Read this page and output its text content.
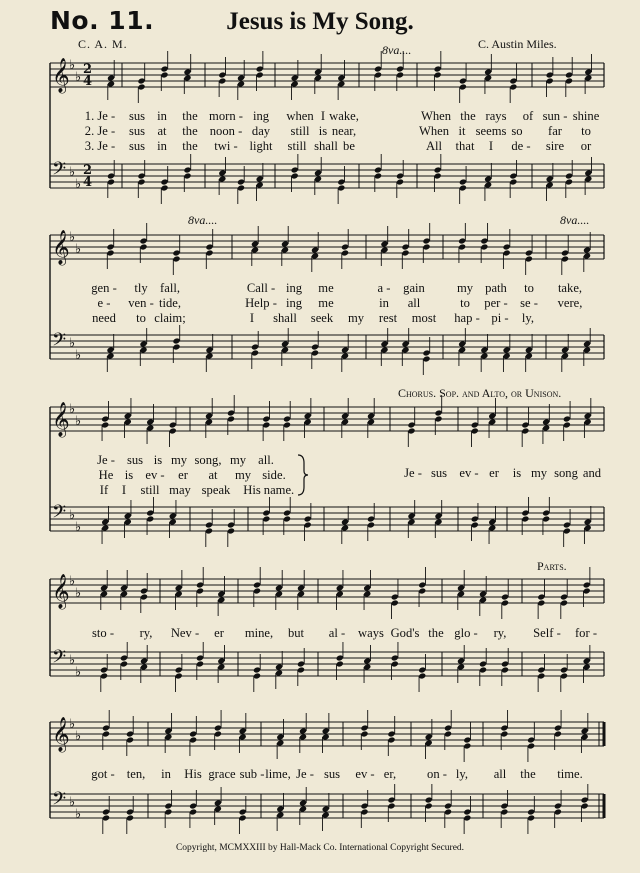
No. 11.	Jesus is My Song.
C. A. M.	C. Austin Miles.
8va....
8va....	8va....
Chorus. Sop. and Alto, or Unison.
Parts.
𝄞 ♭
♭
2
4
𝄢 ♭
♭
2
4
𝄞 ♭
♭
𝄢 ♭
♭
𝄞 ♭
♭
𝄢 ♭
♭
𝄞 ♭
♭
𝄢 ♭
♭
𝄞 ♭
♭
𝄢 ♭
♭
1. Je - sus in the morn - ing when I wake,	When the rays of sun - shine
2. Je - sus at the noon - day still is near,	When it seems so far to
3. Je - sus in the twi - light still shall be	All that I de - sire or
gen - tly fall,	Call - ing me	a - gain	my path to take,
e - ven - tide,	Help - ing me	in all	to per - se - vere,
need to claim;	I shall seek my rest most hap - pi - ly,
Je - sus is my song, my all.
He is ev - er at my side.
If I still may speak His name.
Je - sus ev - er is my song and
sto - ry, Nev - er mine, but al - ways God's the glo - ry, Self - for -
got - ten, in His grace sub - lime, Je - sus ev - er, on - ly, all the time.
Copyright, MCMXXIII by Hall-Mack Co. International Copyright Secured.
